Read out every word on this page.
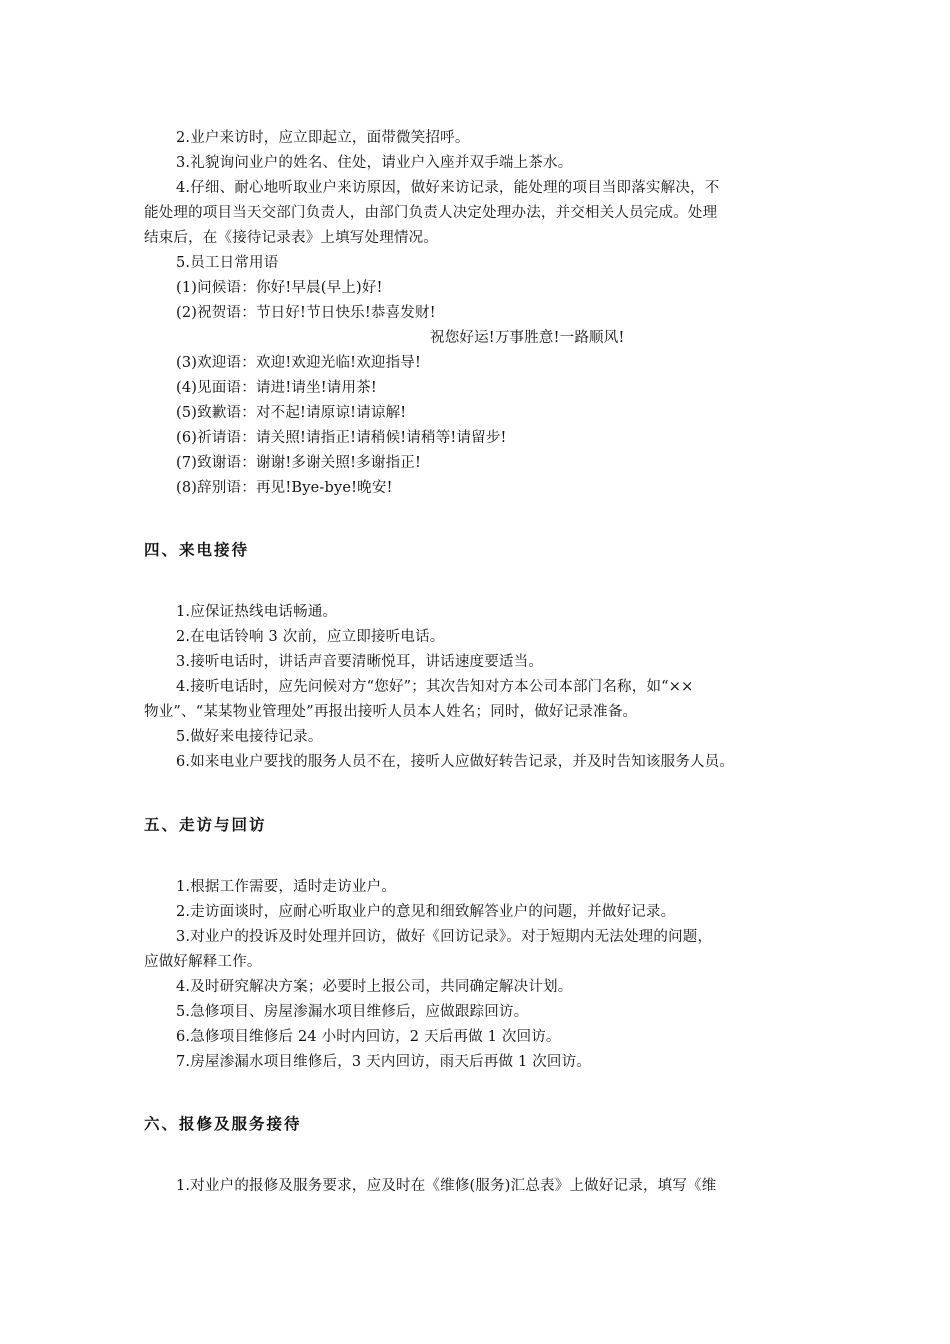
2.业户来访时，应立即起立，面带微笑招呼。
3.礼貌询问业户的姓名、住处，请业户入座并双手端上茶水。
4.仔细、耐心地听取业户来访原因，做好来访记录，能处理的项目当即落实解决，不
能处理的项目当天交部门负责人，由部门负责人决定处理办法，并交相关人员完成。处理
结束后，在《接待记录表》上填写处理情况。
5.员工日常用语
(1)问候语：你好!早晨(早上)好!
(2)祝贺语：节日好!节日快乐!恭喜发财!
祝您好运!万事胜意!一路顺风!
(3)欢迎语：欢迎!欢迎光临!欢迎指导!
(4)见面语：请进!请坐!请用茶!
(5)致歉语：对不起!请原谅!请谅解!
(6)祈请语：请关照!请指正!请稍候!请稍等!请留步!
(7)致谢语：谢谢!多谢关照!多谢指正!
(8)辞别语：再见!Bye-bye!晚安!
四、来电接待
1.应保证热线电话畅通。
2.在电话铃响 3 次前，应立即接听电话。
3.接听电话时，讲话声音要清晰悦耳，讲话速度要适当。
4.接听电话时，应先问候对方“您好”；其次告知对方本公司本部门名称，如“××
物业”、“某某物业管理处”再报出接听人员本人姓名；同时，做好记录准备。
5.做好来电接待记录。
6.如来电业户要找的服务人员不在，接听人应做好转告记录，并及时告知该服务人员。
五、走访与回访
1.根据工作需要，适时走访业户。
2.走访面谈时，应耐心听取业户的意见和细致解答业户的问题，并做好记录。
3.对业户的投诉及时处理并回访，做好《回访记录》。对于短期内无法处理的问题，
应做好解释工作。
4.及时研究解决方案；必要时上报公司，共同确定解决计划。
5.急修项目、房屋渗漏水项目维修后，应做跟踪回访。
6.急修项目维修后 24 小时内回访，2 天后再做 1 次回访。
7.房屋渗漏水项目维修后，3 天内回访，雨天后再做 1 次回访。
六、报修及服务接待
1.对业户的报修及服务要求，应及时在《维修(服务)汇总表》上做好记录，填写《维
